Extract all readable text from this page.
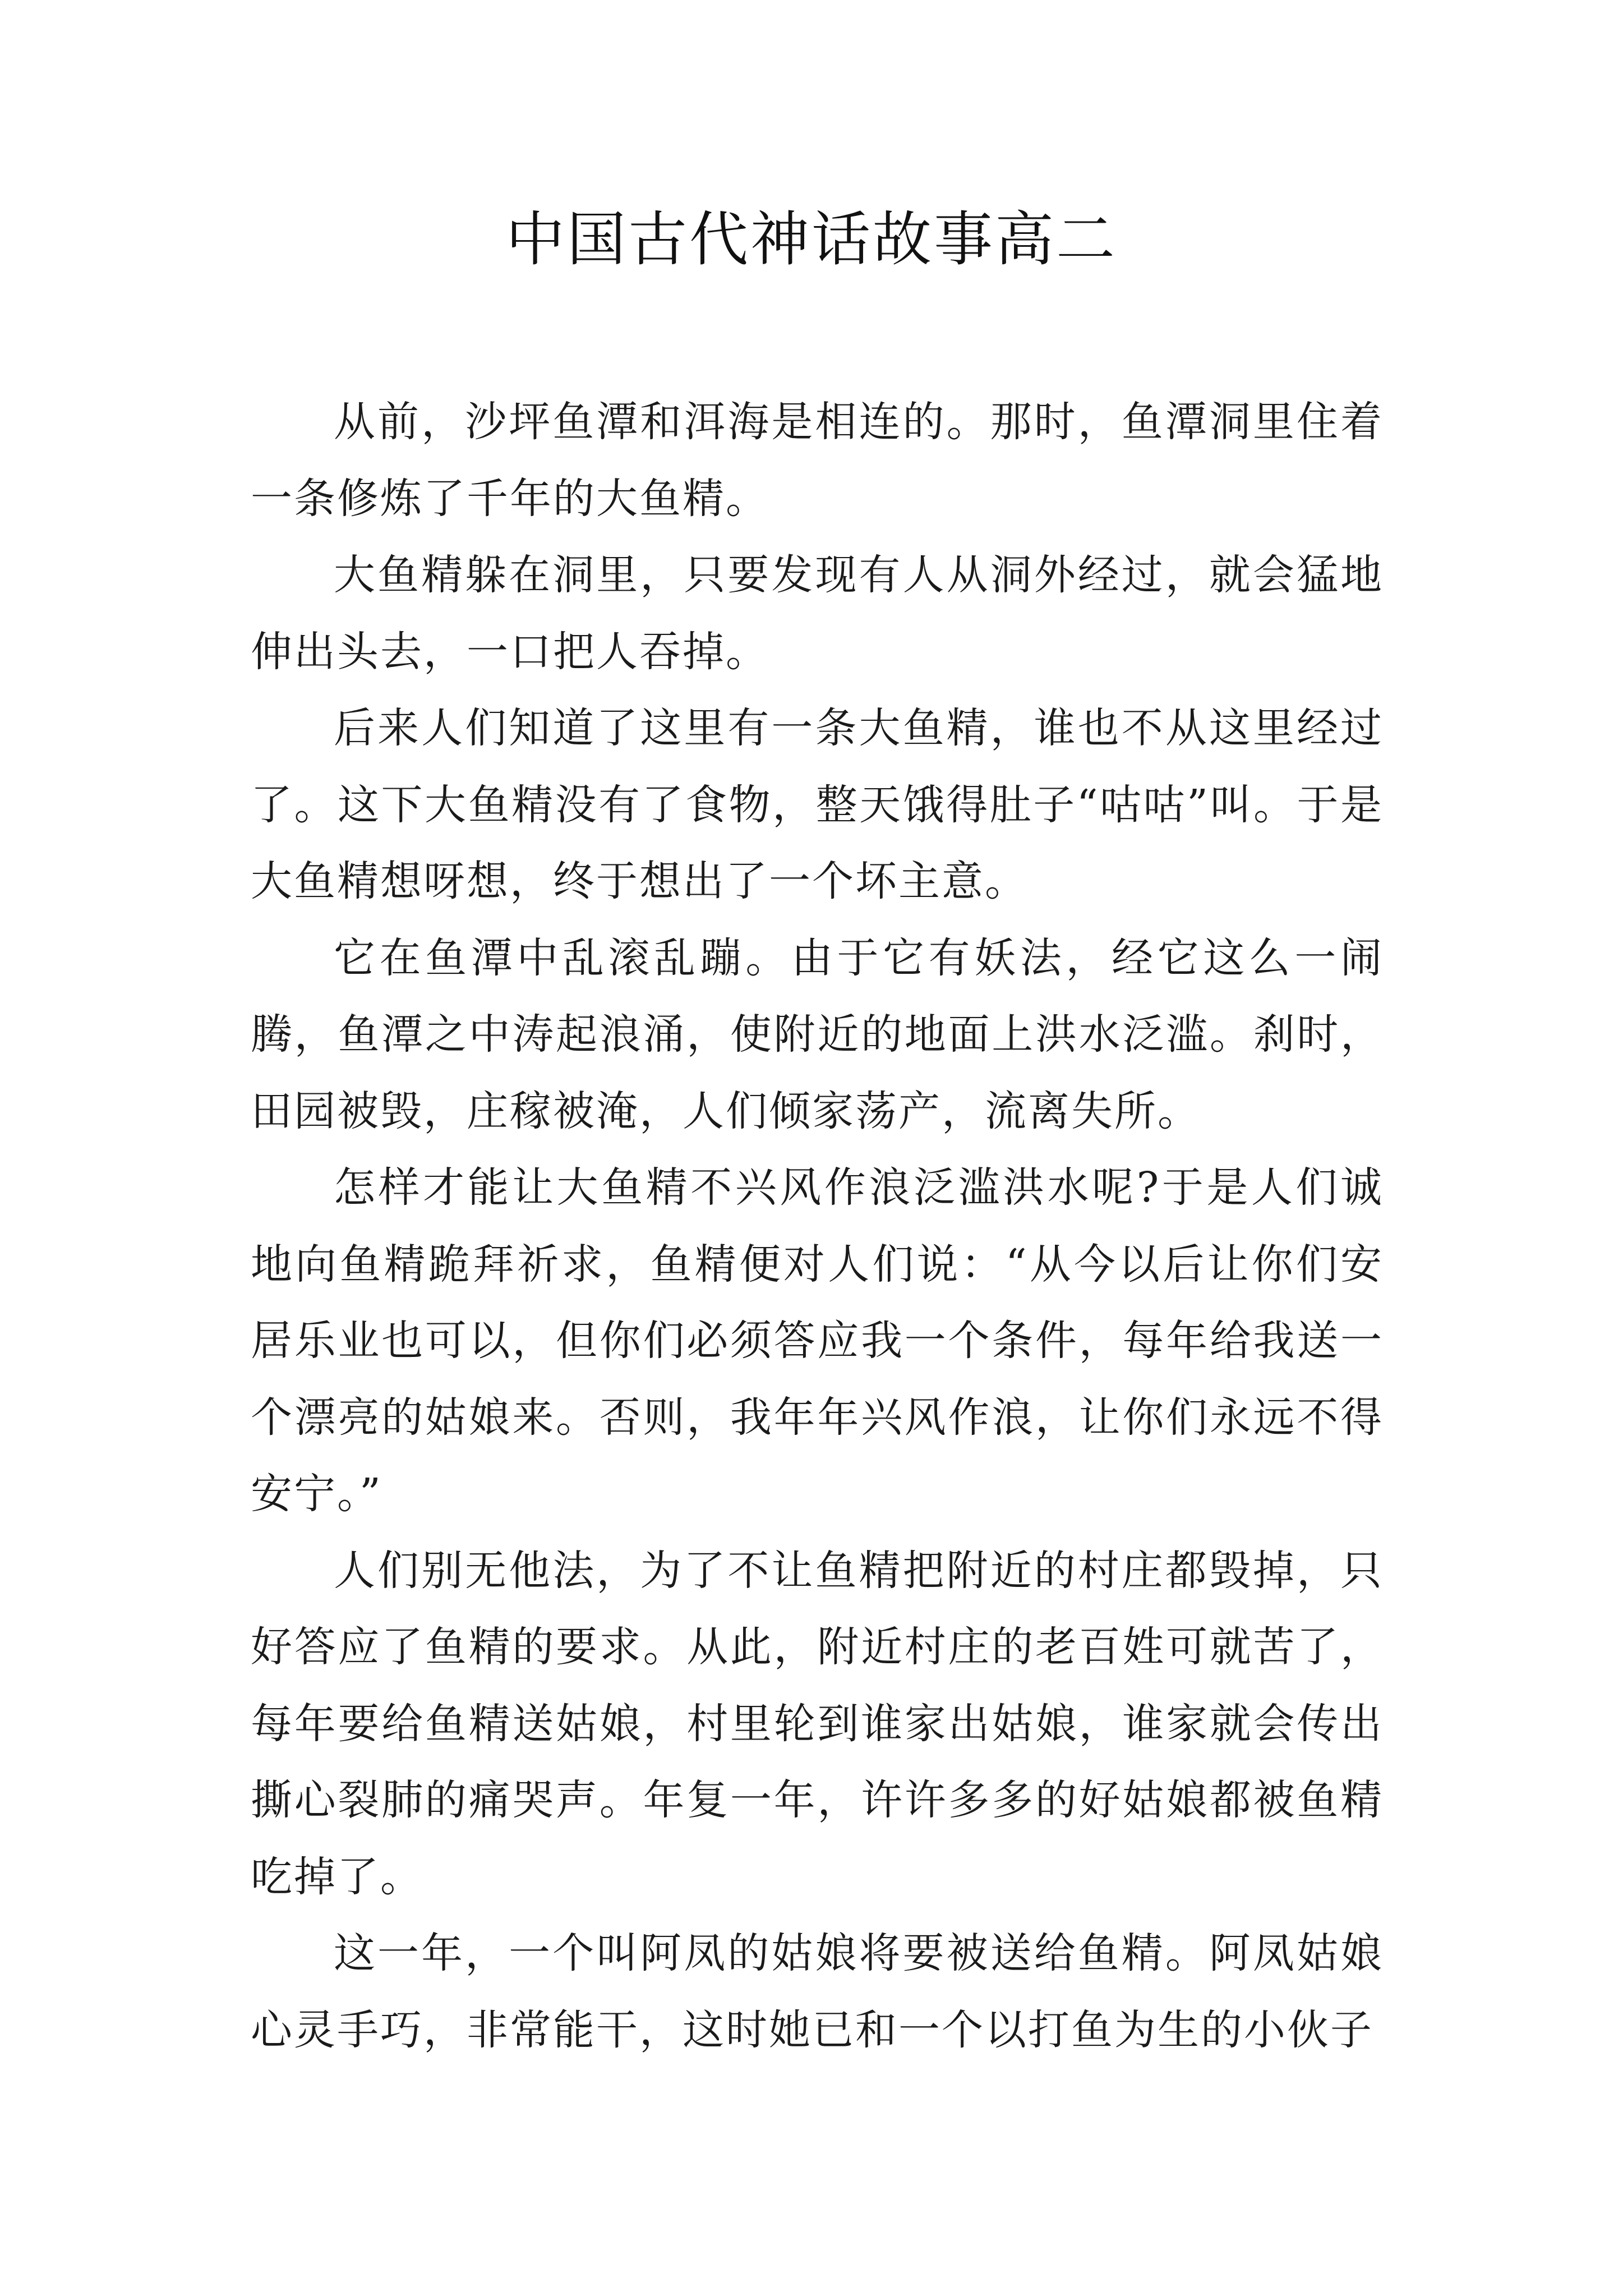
中国古代神话故事高二

从前，沙坪鱼潭和洱海是相连的。那时，鱼潭洞里住着一条修炼了千年的大鱼精。

大鱼精躲在洞里，只要发现有人从洞外经过，就会猛地伸出头去，一口把人吞掉。

后来人们知道了这里有一条大鱼精，谁也不从这里经过了。这下大鱼精没有了食物，整天饿得肚子“咕咕”叫。于是大鱼精想呀想，终于想出了一个坏主意。

它在鱼潭中乱滚乱蹦。由于它有妖法，经它这么一闹腾，鱼潭之中涛起浪涌，使附近的地面上洪水泛滥。刹时，田园被毁，庄稼被淹，人们倾家荡产，流离失所。

怎样才能让大鱼精不兴风作浪泛滥洪水呢?于是人们诚地向鱼精跪拜祈求，鱼精便对人们说：“从今以后让你们安居乐业也可以，但你们必须答应我一个条件，每年给我送一个漂亮的姑娘来。否则，我年年兴风作浪，让你们永远不得安宁。”

人们别无他法，为了不让鱼精把附近的村庄都毁掉，只好答应了鱼精的要求。从此，附近村庄的老百姓可就苦了，每年要给鱼精送姑娘，村里轮到谁家出姑娘，谁家就会传出撕心裂肺的痛哭声。年复一年，许许多多的好姑娘都被鱼精吃掉了。

这一年，一个叫阿凤的姑娘将要被送给鱼精。阿凤姑娘心灵手巧，非常能干，这时她已和一个以打鱼为生的小伙子
